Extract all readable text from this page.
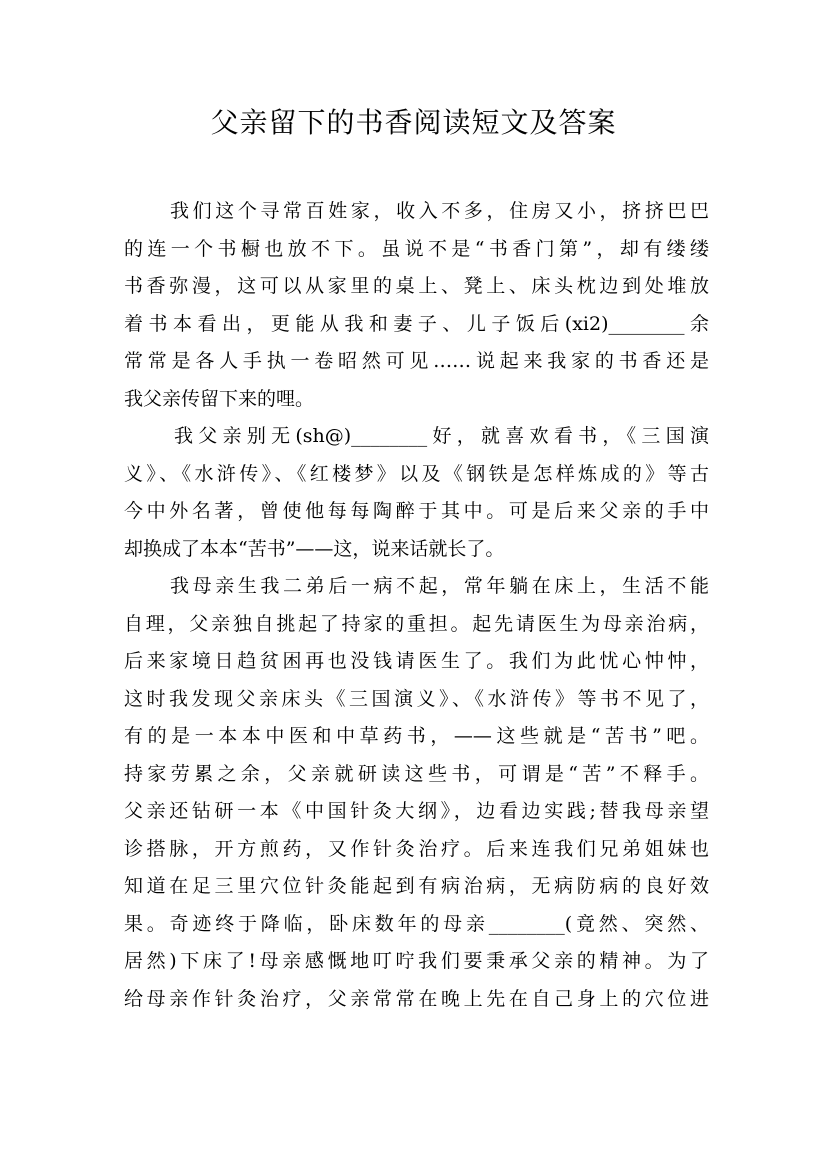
父亲留下的书香阅读短文及答案
我们这个寻常百姓家，收入不多，住房又小，挤挤巴巴
的连一个书橱也放不下。虽说不是“书香门第”，却有缕缕
书香弥漫，这可以从家里的桌上、凳上、床头枕边到处堆放
着书本看出，更能从我和妻子、儿子饭后(xi2)________余
常常是各人手执一卷昭然可见……说起来我家的书香还是
我父亲传留下来的哩。
我父亲别无(sh@)________好，就喜欢看书，《三国演
义》、《水浒传》、《红楼梦》以及《钢铁是怎样炼成的》等古
今中外名著，曾使他每每陶醉于其中。可是后来父亲的手中
却换成了本本“苦书”——这，说来话就长了。
我母亲生我二弟后一病不起，常年躺在床上，生活不能
自理，父亲独自挑起了持家的重担。起先请医生为母亲治病，
后来家境日趋贫困再也没钱请医生了。我们为此忧心忡忡，
这时我发现父亲床头《三国演义》、《水浒传》等书不见了，
有的是一本本中医和中草药书，——这些就是“苦书”吧。
持家劳累之余，父亲就研读这些书，可谓是“苦”不释手。
父亲还钻研一本《中国针灸大纲》，边看边实践;替我母亲望
诊搭脉，开方煎药，又作针灸治疗。后来连我们兄弟姐妹也
知道在足三里穴位针灸能起到有病治病，无病防病的良好效
果。奇迹终于降临，卧床数年的母亲________(竟然、突然、
居然)下床了!母亲感慨地叮咛我们要秉承父亲的精神。为了
给母亲作针灸治疗，父亲常常在晚上先在自己身上的穴位进
